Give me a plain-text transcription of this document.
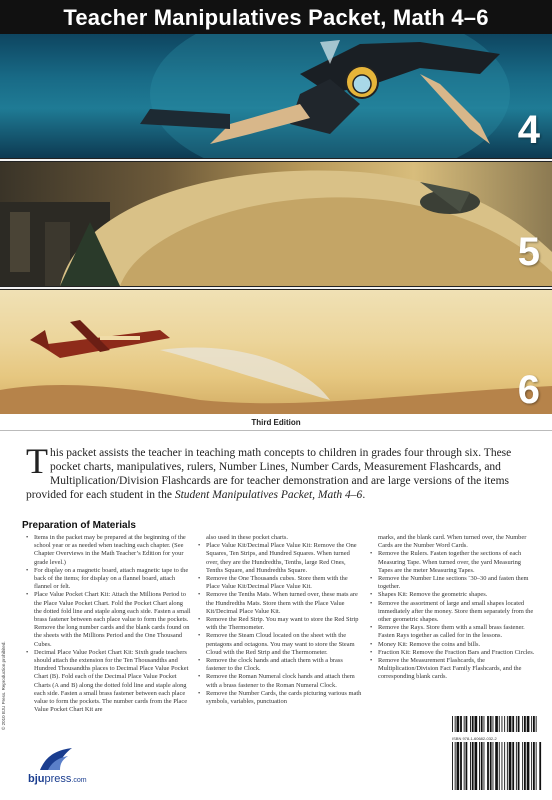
Teacher Manipulatives Packet, Math 4–6
4
5
6
Third Edition
This packet assists the teacher in teaching math concepts to children in grades four through six. These pocket charts, manipulatives, rulers, Number Lines, Number Cards, Measurement Flashcards, and Multiplication/Division Flashcards are for teacher demonstration and are large versions of the items provided for each student in the Student Manipulatives Packet, Math 4–6.
Preparation of Materials
• Items in the packet may be prepared at the beginning of the school year or as needed when teaching each chapter. (See Chapter Overviews in the Math Teacher’s Edition for your grade level.)
• For display on a magnetic board, attach magnetic tape to the back of the items; for display on a flannel board, attach flannel or felt.
• Place Value Pocket Chart Kit: Attach the Millions Period to the Place Value Pocket Chart. Fold the Pocket Chart along the dotted fold line and staple along each side. Fasten a small brass fastener between each place value to form the pockets. Remove the long number cards and the blank cards found on the sheets with the Millions Period and the One Thousand Cubes.
• Decimal Place Value Pocket Chart Kit: Sixth grade teachers should attach the extension for the Ten Thousandths and Hundred Thousandths places to Decimal Place Value Pocket Chart (B). Fold each of the Decimal Place Value Pocket Charts (A and B) along the dotted fold line and staple along each side. Fasten a small brass fastener between each place value to form the pockets. The number cards from the Place Value Pocket Chart Kit are
also used in these pocket charts.
• Place Value Kit/Decimal Place Value Kit: Remove the One Squares, Ten Strips, and Hundred Squares. When turned over, they are the Hundredths, Tenths, large Red Ones, Tenths Square, and Hundredths Square.
• Remove the One Thousands cubes. Store them with the Place Value Kit/Decimal Place Value Kit.
• Remove the Tenths Mats. When turned over, these mats are the Hundredths Mats. Store them with the Place Value Kit/Decimal Place Value Kit.
• Remove the Red Strip. You may want to store the Red Strip with the Thermometer.
• Remove the Steam Cloud located on the sheet with the pentagons and octagons. You may want to store the Steam Cloud with the Red Strip and the Thermometer.
• Remove the clock hands and attach them with a brass fastener to the Clock.
• Remove the Roman Numeral clock hands and attach them with a brass fastener to the Roman Numeral Clock.
• Remove the Number Cards, the cards picturing various math symbols, variables, punctuation
marks, and the blank card. When turned over, the Number Cards are the Number Word Cards.
• Remove the Rulers. Fasten together the sections of each Measuring Tape. When turned over, the yard Measuring Tapes are the meter Measuring Tapes.
• Remove the Number Line sections ˉ30–30 and fasten them together.
• Shapes Kit: Remove the geometric shapes.
• Remove the assortment of large and small shapes located immediately after the money. Store them separately from the other geometric shapes.
• Remove the Rays. Store them with a small brass fastener. Fasten Rays together as called for in the lessons.
• Money Kit: Remove the coins and bills.
• Fraction Kit: Remove the Fraction Bars and Fraction Circles.
• Remove the Measurement Flashcards, the Multiplication/Division Fact Family Flashcards, and the corresponding blank cards.
© 2010 BJU Press. Reproduction prohibited.
bjupress.com
ISBN 978-1-60682-032-2
